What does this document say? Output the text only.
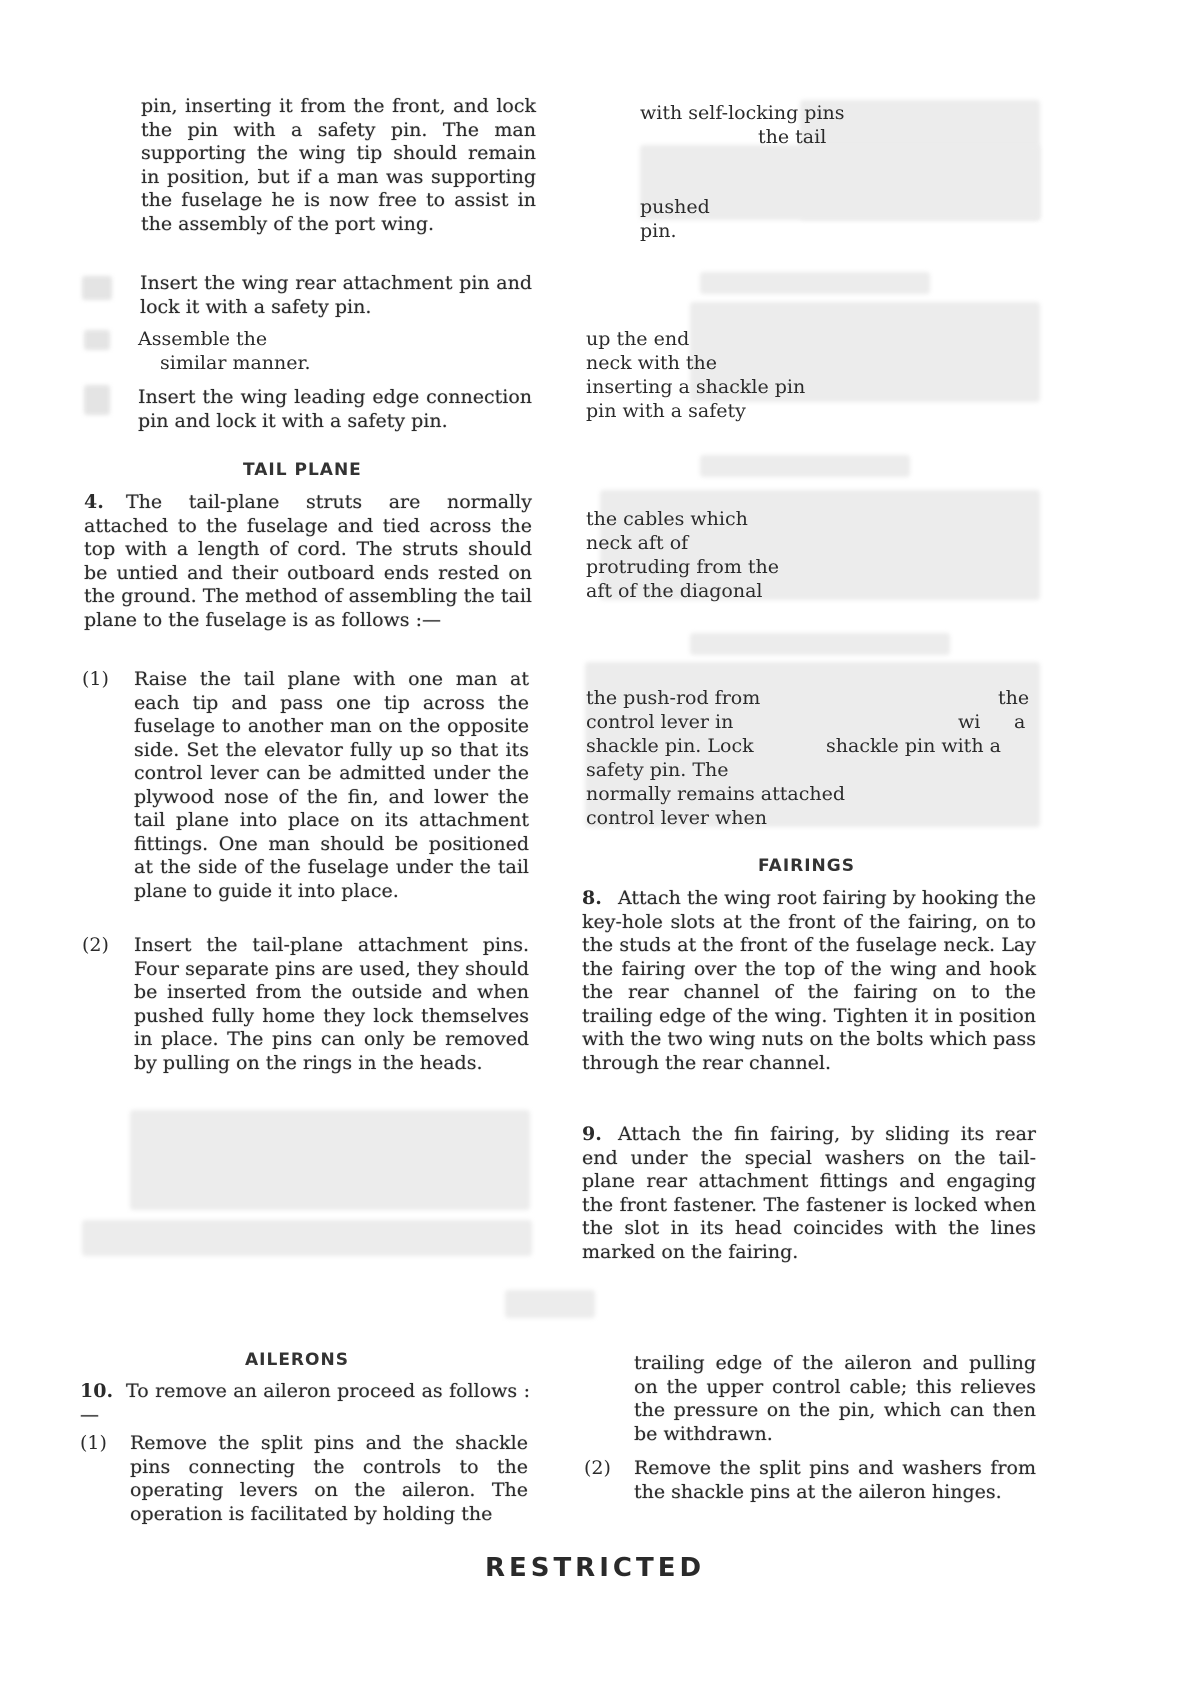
pin, inserting it from the front, and lock the pin with a safety pin. The man supporting the wing tip should remain in position, but if a man was supporting the fuselage he is now free to assist in the assembly of the port wing.

Insert the wing rear attachment pin and lock it with a safety pin.

Assemble the
similar manner.

Insert the wing leading edge connection pin and lock it with a safety pin.

TAIL PLANE
4.	The tail-plane struts are normally attached to the fuselage and tied across the top with a length of cord. The struts should be untied and their outboard ends rested on the ground. The method of assembling the tail plane to the fuselage is as follows :—

(1) Raise the tail plane with one man at each tip and pass one tip across the fuselage to another man on the opposite side. Set the elevator fully up so that its control lever can be admitted under the plywood nose of the fin, and lower the tail plane into place on its attachment fittings. One man should be positioned at the side of the fuselage under the tail plane to guide it into place.

(2) Insert the tail-plane attachment pins. Four separate pins are used, they should be inserted from the outside and when pushed fully home they lock themselves in place. The pins can only be removed by pulling on the rings in the heads.

AILERONS
10. To remove an aileron proceed as follows :—

(1) Remove the split pins and the shackle pins connecting the controls to the operating levers on the aileron. The operation is facilitated by holding the

with self-locking pins
the tail
pushed
pin.
up the end
neck with the
inserting a shackle pin
pin with a safety
the cables which
neck aft of
protruding from the
aft of the diagonal
the push-rod from	the
control lever in	wi a
shackle pin. Lock	shackle pin with a
safety pin. The
normally remains attached
control lever when
FAIRINGS
8. Attach the wing root fairing by hooking the key-hole slots at the front of the fairing, on to the studs at the front of the fuselage neck. Lay the fairing over the top of the wing and hook the rear channel of the fairing on to the trailing edge of the wing. Tighten it in position with the two wing nuts on the bolts which pass through the rear channel.

9. Attach the fin fairing, by sliding its rear end under the special washers on the tail-plane rear attachment fittings and engaging the front fastener. The fastener is locked when the slot in its head coincides with the lines marked on the fairing.

trailing edge of the aileron and pulling on the upper control cable; this relieves the pressure on the pin, which can then be withdrawn.

(2) Remove the split pins and washers from the shackle pins at the aileron hinges.

RESTRICTED
